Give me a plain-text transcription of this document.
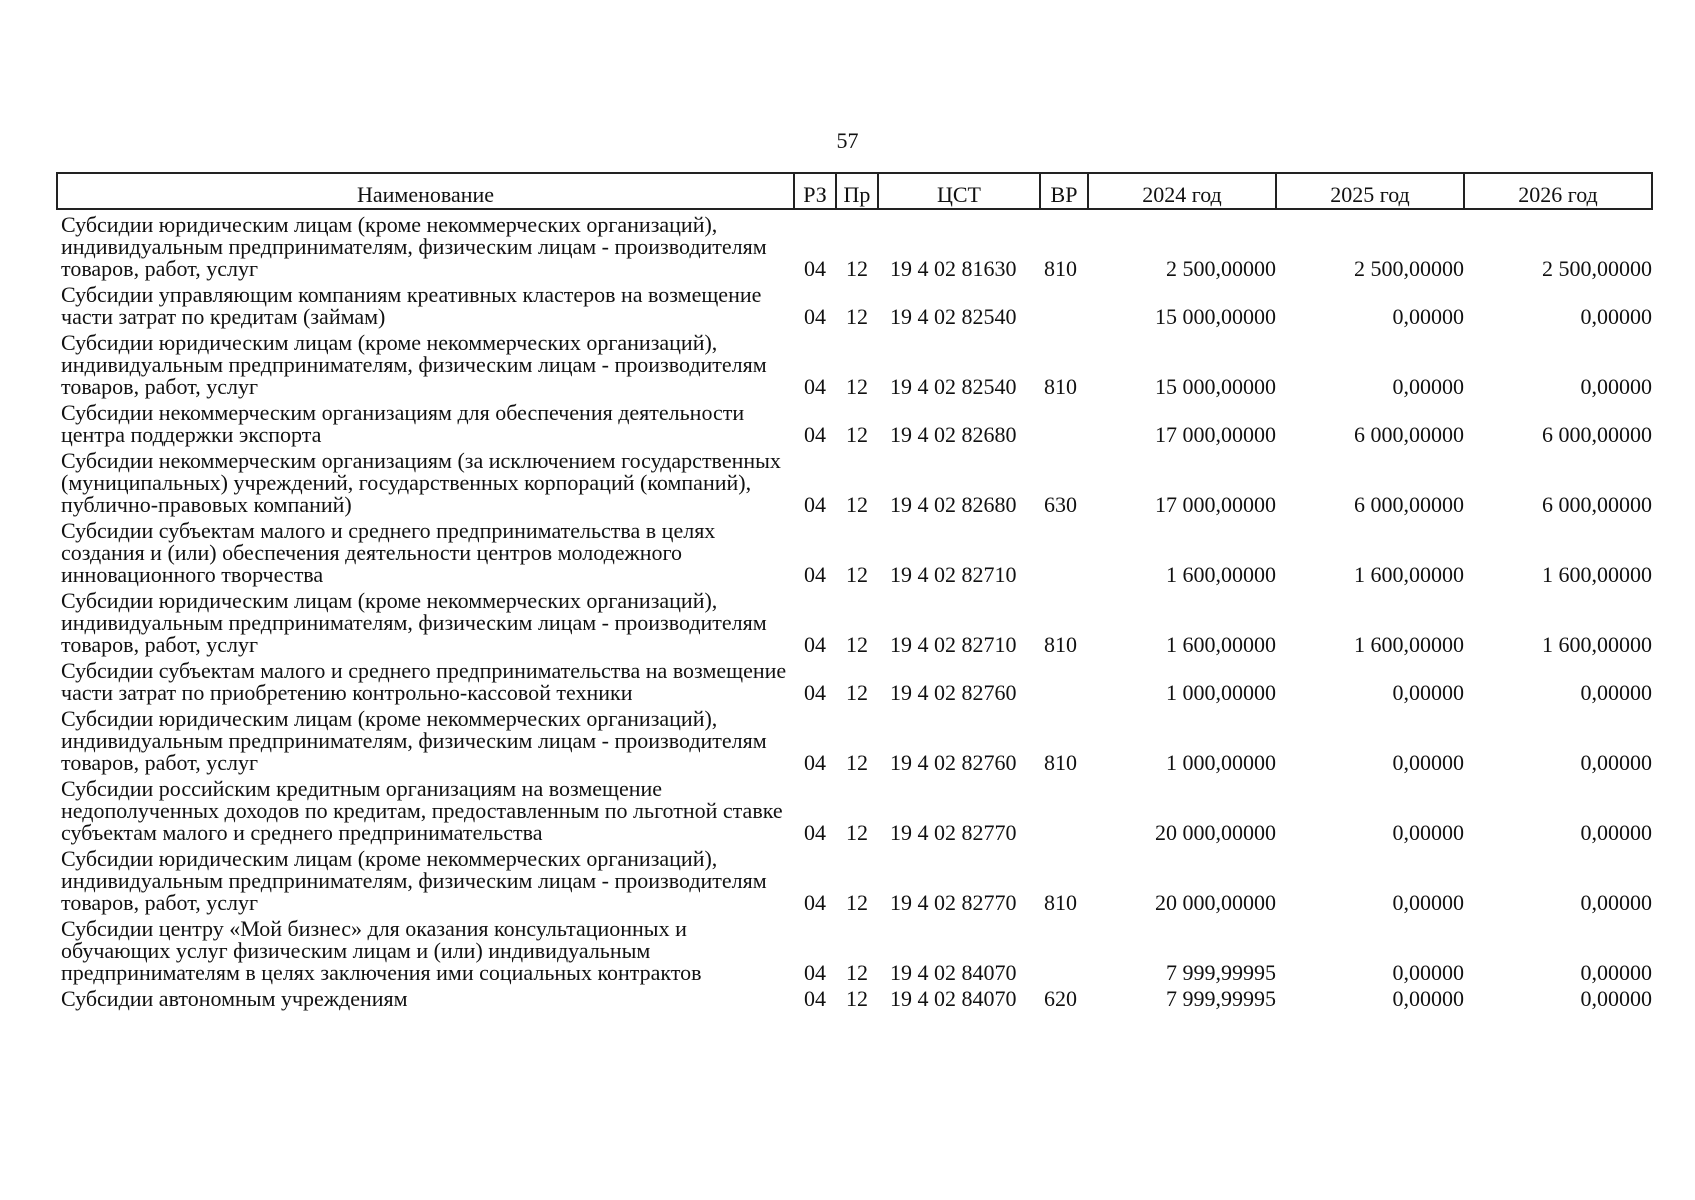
57
Наименование	РЗ	Пр	ЦСТ	ВР	2024 год	2025 год	2026 год
Субсидии юридическим лицам (кроме некоммерческих организаций), индивидуальным предпринимателям, физическим лицам - производителям товаров, работ, услуг	04	12	19 4 02 81630	810	2 500,00000	2 500,00000	2 500,00000
Субсидии управляющим компаниям креативных кластеров на возмещение части затрат по кредитам (займам)	04	12	19 4 02 82540		15 000,00000	0,00000	0,00000
Субсидии юридическим лицам (кроме некоммерческих организаций), индивидуальным предпринимателям, физическим лицам - производителям товаров, работ, услуг	04	12	19 4 02 82540	810	15 000,00000	0,00000	0,00000
Субсидии некоммерческим организациям для обеспечения деятельности центра поддержки экспорта	04	12	19 4 02 82680		17 000,00000	6 000,00000	6 000,00000
Субсидии некоммерческим организациям (за исключением государственных (муниципальных) учреждений, государственных корпораций (компаний), публично-правовых компаний)	04	12	19 4 02 82680	630	17 000,00000	6 000,00000	6 000,00000
Субсидии субъектам малого и среднего предпринимательства в целях создания и (или) обеспечения деятельности центров молодежного инновационного творчества	04	12	19 4 02 82710		1 600,00000	1 600,00000	1 600,00000
Субсидии юридическим лицам (кроме некоммерческих организаций), индивидуальным предпринимателям, физическим лицам - производителям товаров, работ, услуг	04	12	19 4 02 82710	810	1 600,00000	1 600,00000	1 600,00000
Субсидии субъектам малого и среднего предпринимательства на возмещение части затрат по приобретению контрольно-кассовой техники	04	12	19 4 02 82760		1 000,00000	0,00000	0,00000
Субсидии юридическим лицам (кроме некоммерческих организаций), индивидуальным предпринимателям, физическим лицам - производителям товаров, работ, услуг	04	12	19 4 02 82760	810	1 000,00000	0,00000	0,00000
Субсидии российским кредитным организациям на возмещение недополученных доходов по кредитам, предоставленным по льготной ставке субъектам малого и среднего предпринимательства	04	12	19 4 02 82770		20 000,00000	0,00000	0,00000
Субсидии юридическим лицам (кроме некоммерческих организаций), индивидуальным предпринимателям, физическим лицам - производителям товаров, работ, услуг	04	12	19 4 02 82770	810	20 000,00000	0,00000	0,00000
Субсидии центру «Мой бизнес» для оказания консультационных и обучающих услуг физическим лицам и (или) индивидуальным предпринимателям в целях заключения ими социальных контрактов	04	12	19 4 02 84070		7 999,99995	0,00000	0,00000
Субсидии автономным учреждениям	04	12	19 4 02 84070	620	7 999,99995	0,00000	0,00000
